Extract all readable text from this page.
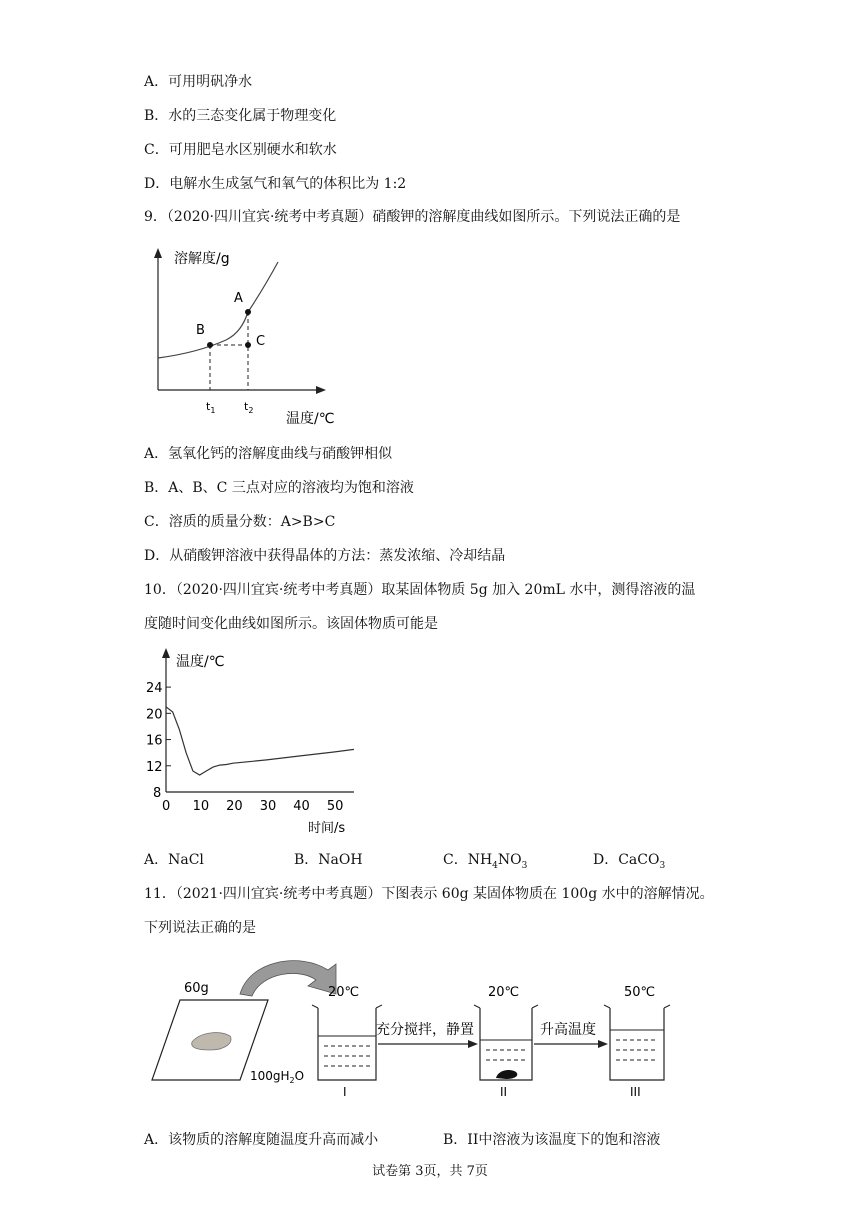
A．可用明矾净水
B．水的三态变化属于物理变化
C．可用肥皂水区别硬水和软水
D．电解水生成氢气和氧气的体积比为 1:2
9．（2020·四川宜宾·统考中考真题）硝酸钾的溶解度曲线如图所示。下列说法正确的是
溶解度/g
A
B
C
$t_1$	$t_2$
温度/℃
A．氢氧化钙的溶解度曲线与硝酸钾相似
B．A、B、C 三点对应的溶液均为饱和溶液
C．溶质的质量分数：A>B>C
D．从硝酸钾溶液中获得晶体的方法：蒸发浓缩、冷却结晶
10．（2020·四川宜宾·统考中考真题）取某固体物质 5g 加入 20mL 水中，测得溶液的温
度随时间变化曲线如图所示。该固体物质可能是
温度/℃
时间/s
0 10 20 30 40 50
8
12
16
20
24
A．NaCl	B．NaOH	C．$NH_4NO_3$	D．CaCO$_3$
11．（2021·四川宜宾·统考中考真题）下图表示 60g 某固体物质在 100g 水中的溶解情况。
下列说法正确的是
60g	20℃
$100gH_2O$
I
充分搅拌，静置
20℃
II
升高温度
50℃
III
A．该物质的溶解度随温度升高而减小	B．II中溶液为该温度下的饱和溶液
试卷第 3页，共 7页
